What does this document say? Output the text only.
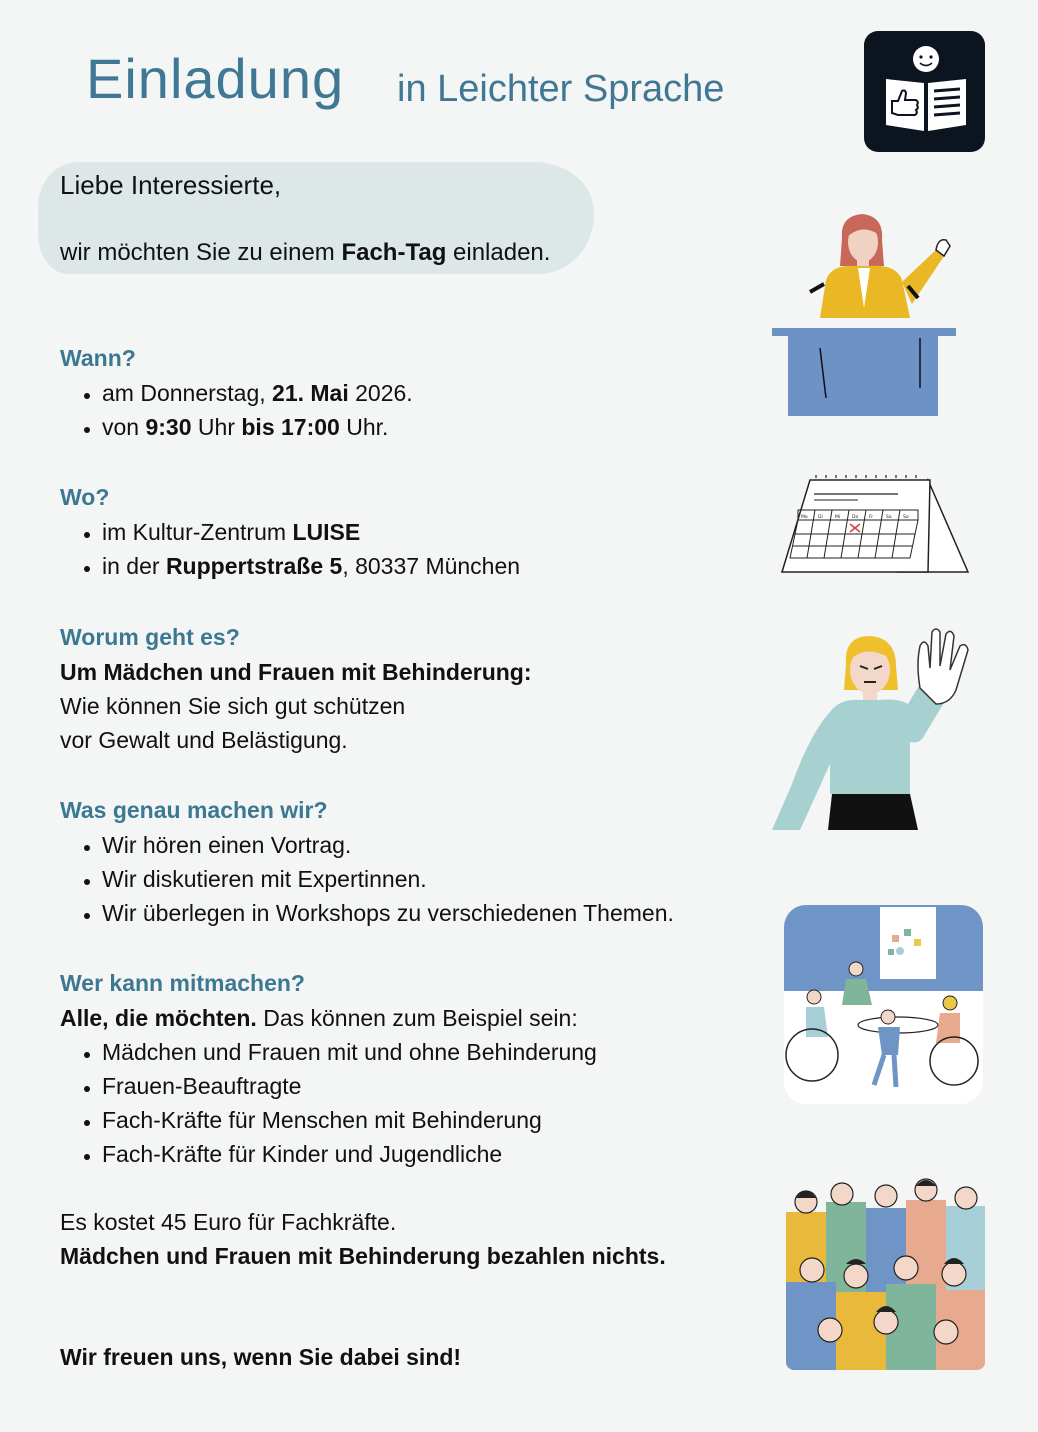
Einladung in Leichter Sprache
Liebe Interessierte,
wir möchten Sie zu einem Fach-Tag einladen.
Wann?
• am Donnerstag, 21. Mai 2026.
• von 9:30 Uhr bis 17:00 Uhr.
Wo?
• im Kultur-Zentrum LUISE
• in der Ruppertstraße 5, 80337 München
Worum geht es?
Um Mädchen und Frauen mit Behinderung:
Wie können Sie sich gut schützen
vor Gewalt und Belästigung.
Was genau machen wir?
• Wir hören einen Vortrag.
• Wir diskutieren mit Expertinnen.
• Wir überlegen in Workshops zu verschiedenen Themen.
Wer kann mitmachen?
Alle, die möchten. Das können zum Beispiel sein:
• Mädchen und Frauen mit und ohne Behinderung
• Frauen-Beauftragte
• Fach-Kräfte für Menschen mit Behinderung
• Fach-Kräfte für Kinder und Jugendliche
Es kostet 45 Euro für Fachkräfte.
Mädchen und Frauen mit Behinderung bezahlen nichts.
Wir freuen uns, wenn Sie dabei sind!
Mo Di	Mi	Do Fr	Sa	So
